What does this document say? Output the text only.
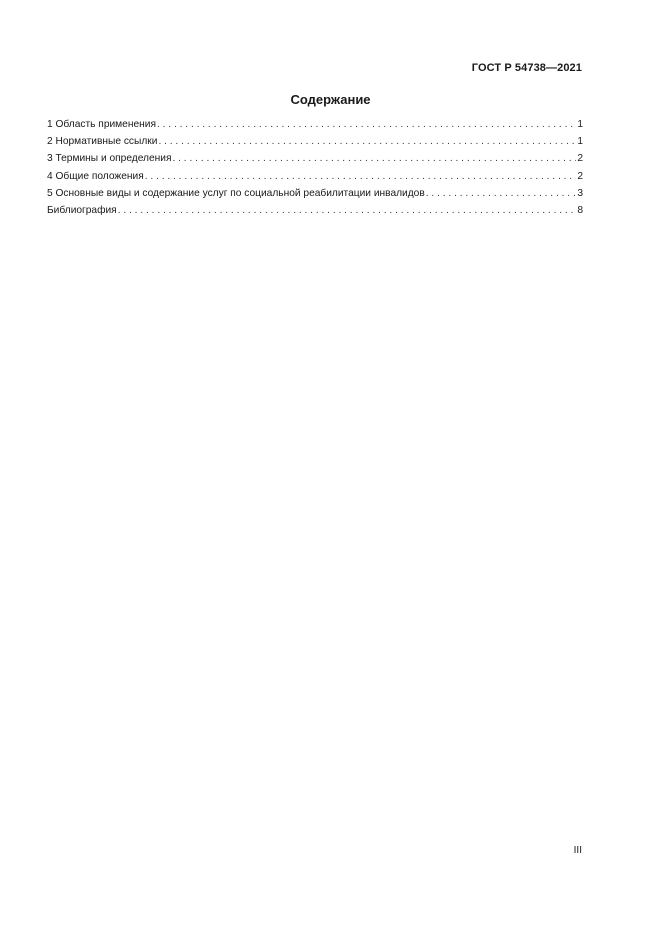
ГОСТ Р 54738—2021
Содержание
1 Область применения . . .	1
2 Нормативные ссылки . . .	1
3 Термины и определения . . .	2
4 Общие положения . . .	2
5 Основные виды и содержание услуг по социальной реабилитации инвалидов . . .	3
Библиография . . .	8
III
